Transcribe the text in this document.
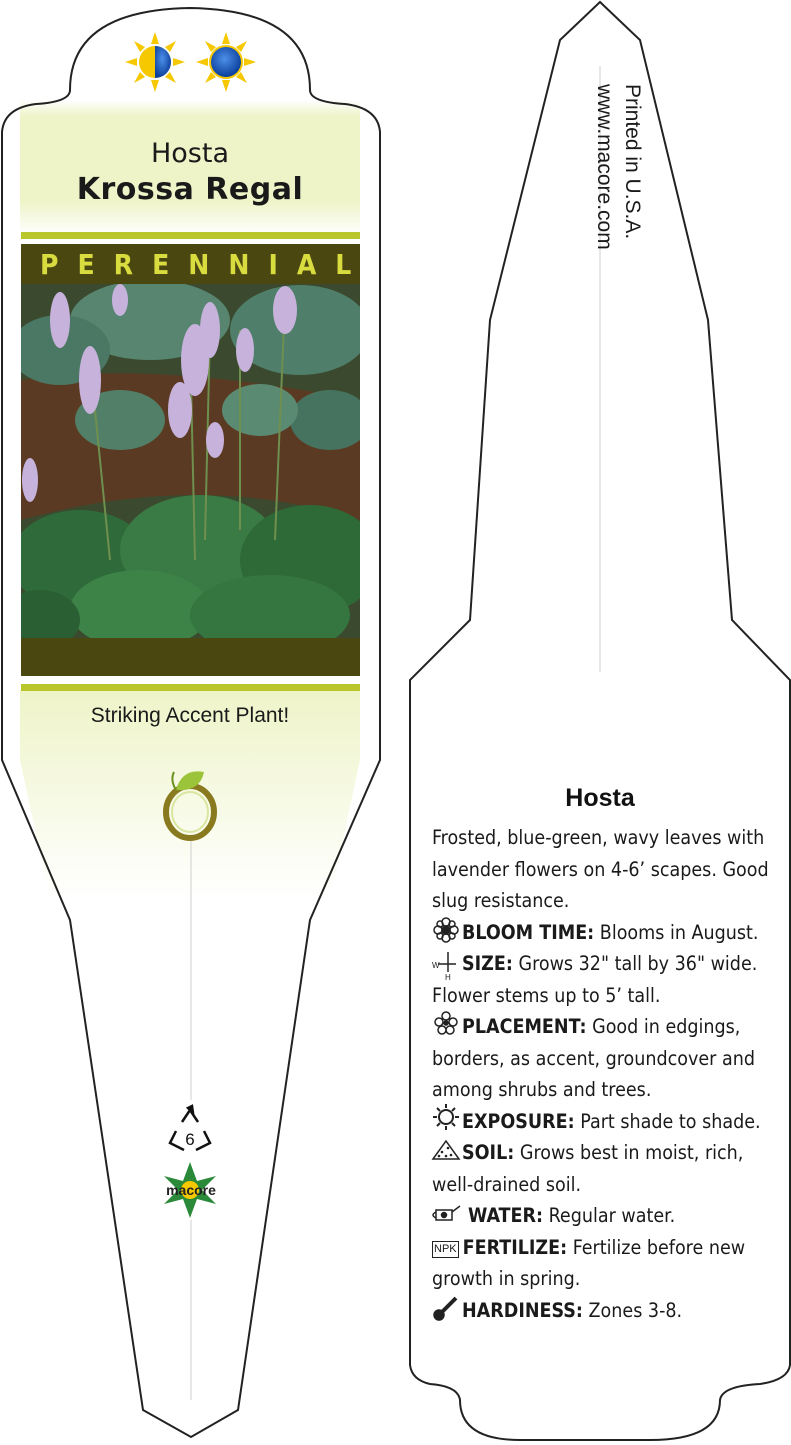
W
H
Hosta
Krossa Regal
PERENNIAL
Striking Accent Plant!
6
macore
Printed in U.S.A.
www.macore.com
Hosta

Frosted, blue-green, wavy leaves with lavender flowers on 4-6’ scapes. Good slug resistance.

BLOOM TIME: Blooms in August.

SIZE: Grows 32" tall by 36" wide. Flower stems up to 5’ tall.

PLACEMENT: Good in edgings, borders, as accent, groundcover and among shrubs and trees.

EXPOSURE: Part shade to shade.

SOIL: Grows best in moist, rich, well-drained soil.

WATER: Regular water.

NPK FERTILIZE: Fertilize before new growth in spring.

HARDINESS: Zones 3-8.
